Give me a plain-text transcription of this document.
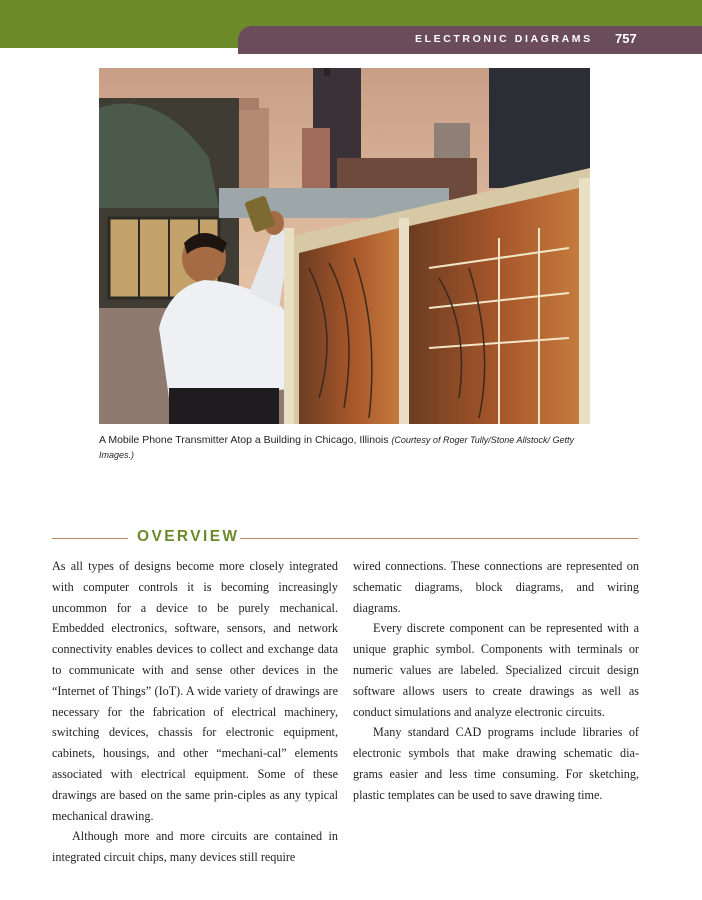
ELECTRONIC DIAGRAMS 757
A Mobile Phone Transmitter Atop a Building in Chicago, Illinois (Courtesy of Roger Tully/Stone Allstock/ Getty Images.)
OVERVIEW

As all types of designs become more closely integrated with computer controls it is becoming increasingly uncommon for a device to be purely mechanical. Embedded electronics, software, sensors, and network connectivity enables devices to collect and exchange data to communicate with and sense other devices in the “Internet of Things” (IoT). A wide variety of drawings are necessary for the fabrication of electrical machinery, switching devices, chassis for electronic equipment, cabinets, housings, and other “mechani-cal” elements associated with electrical equipment. Some of these drawings are based on the same prin-ciples as any typical mechanical drawing.

Although more and more circuits are contained in integrated circuit chips, many devices still require

wired connections. These connections are represented on schematic diagrams, block diagrams, and wiring diagrams.

Every discrete component can be represented with a unique graphic symbol. Components with terminals or numeric values are labeled. Specialized circuit design software allows users to create drawings as well as conduct simulations and analyze electronic circuits.

Many standard CAD programs include libraries of electronic symbols that make drawing schematic dia-grams easier and less time consuming. For sketching, plastic templates can be used to save drawing time.
